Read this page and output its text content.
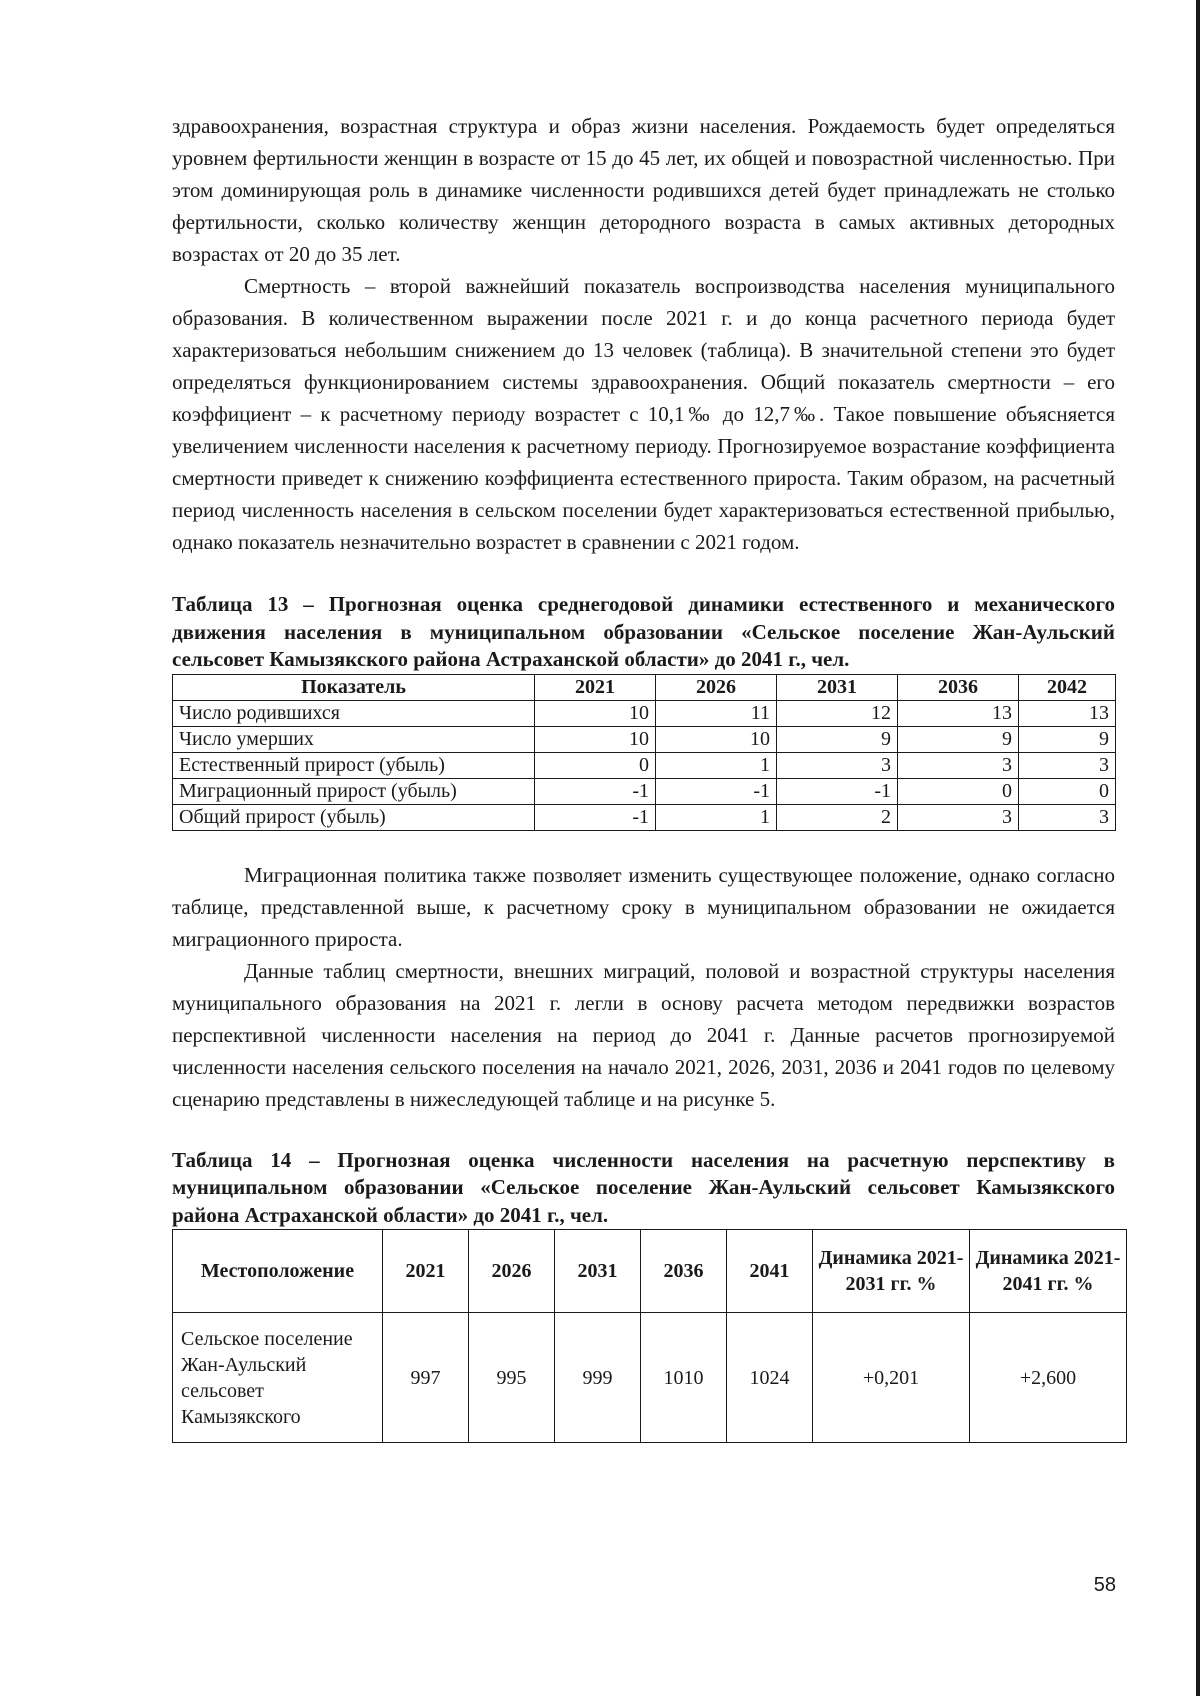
здравоохранения, возрастная структура и образ жизни населения. Рождаемость будет определяться уровнем фертильности женщин в возрасте от 15 до 45 лет, их общей и повозрастной численностью. При этом доминирующая роль в динамике численности родившихся детей будет принадлежать не столько фертильности, сколько количеству женщин детородного возраста в самых активных детородных возрастах от 20 до 35 лет.

Смертность – второй важнейший показатель воспроизводства населения муниципального образования. В количественном выражении после 2021 г. и до конца расчетного периода будет характеризоваться небольшим снижением до 13 человек (таблица). В значительной степени это будет определяться функционированием системы здравоохранения. Общий показатель смертности – его коэффициент – к расчетному периоду возрастет с 10,1‰ до 12,7‰. Такое повышение объясняется увеличением численности населения к расчетному периоду. Прогнозируемое возрастание коэффициента смертности приведет к снижению коэффициента естественного прироста. Таким образом, на расчетный период численность населения в сельском поселении будет характеризоваться естественной прибылью, однако показатель незначительно возрастет в сравнении с 2021 годом.

Таблица 13 – Прогнозная оценка среднегодовой динамики естественного и механического движения населения в муниципальном образовании «Сельское поселение Жан-Аульский сельсовет Камызякского района Астраханской области» до 2041 г., чел.

Показатель	2021	2026	2031	2036	2042
Число родившихся	10	11	12	13	13
Число умерших	10	10	9	9	9
Естественный прирост (убыль)	0	1	3	3	3
Миграционный прирост (убыль)	-1	-1	-1	0	0
Общий прирост (убыль)	-1	1	2	3	3

Миграционная политика также позволяет изменить существующее положение, однако согласно таблице, представленной выше, к расчетному сроку в муниципальном образовании не ожидается миграционного прироста.

Данные таблиц смертности, внешних миграций, половой и возрастной структуры населения муниципального образования на 2021 г. легли в основу расчета методом передвижки возрастов перспективной численности населения на период до 2041 г. Данные расчетов прогнозируемой численности населения сельского поселения на начало 2021, 2026, 2031, 2036 и 2041 годов по целевому сценарию представлены в нижеследующей таблице и на рисунке 5.

Таблица 14 – Прогнозная оценка численности населения на расчетную перспективу в муниципальном образовании «Сельское поселение Жан-Аульский сельсовет Камызякского района Астраханской области» до 2041 г., чел.

Местоположение	2021	2026	2031	2036	2041	Динамика 2021-2031 гг. %	Динамика 2021-2041 гг. %
Сельское поселение Жан-Аульский сельсовет Камызякского	997	995	999	1010	1024	+0,201	+2,600
58
